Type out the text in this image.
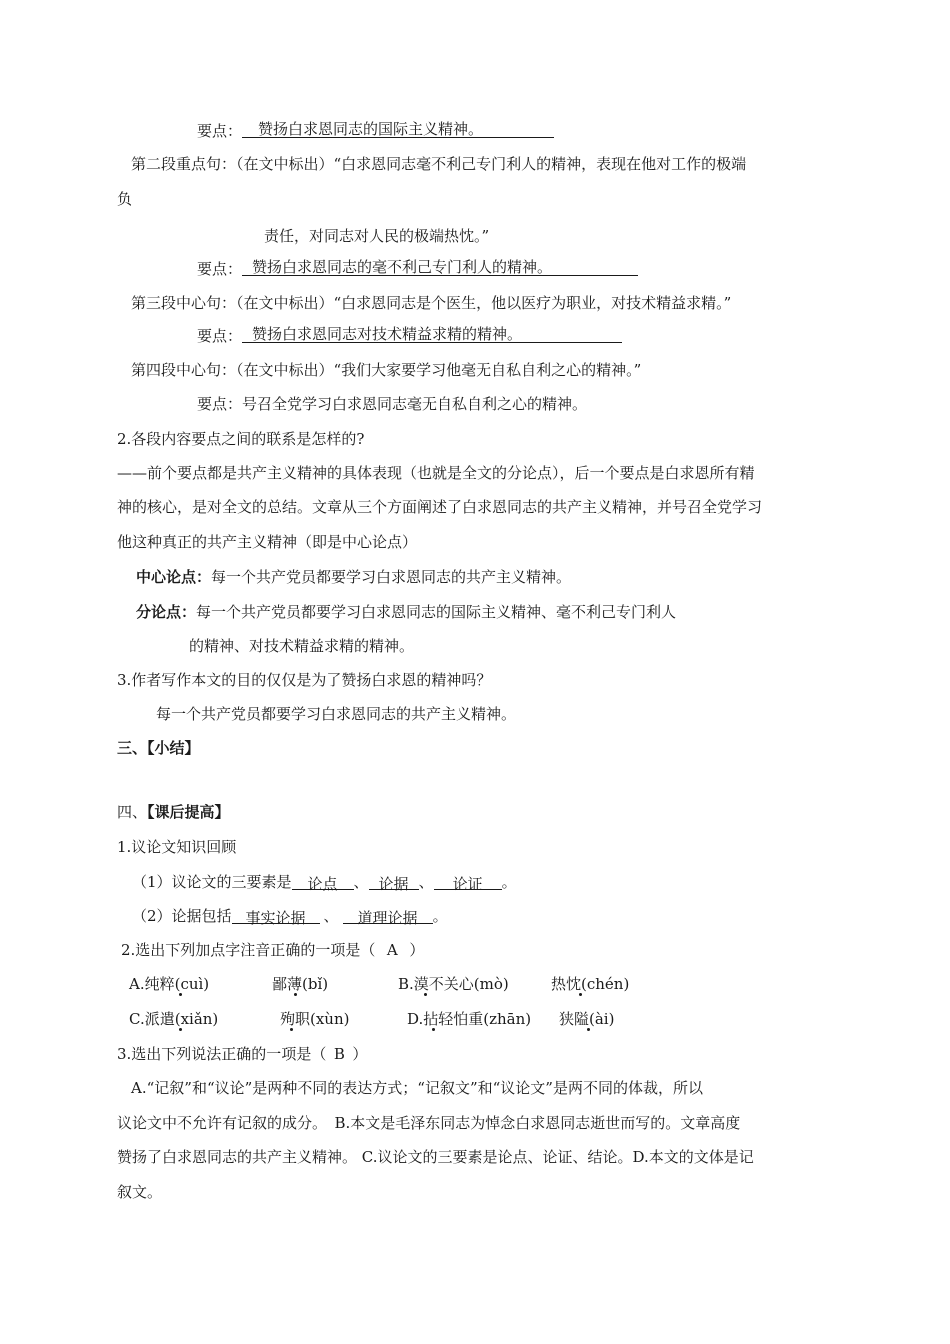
要点： 赞扬白求恩同志的国际主义精神。
第二段重点句：（在文中标出）“白求恩同志毫不利己专门利人的精神，表现在他对工作的极端
负
责任，对同志对人民的极端热忱。”
要点： 赞扬白求恩同志的毫不利己专门利人的精神。
第三段中心句：（在文中标出）“白求恩同志是个医生，他以医疗为职业，对技术精益求精。”
要点： 赞扬白求恩同志对技术精益求精的精神。
第四段中心句：（在文中标出）“我们大家要学习他毫无自私自利之心的精神。”
要点：号召全党学习白求恩同志毫无自私自利之心的精神。
2.各段内容要点之间的联系是怎样的?
——前个要点都是共产主义精神的具体表现（也就是全文的分论点），后一个要点是白求恩所有精
神的核心，是对全文的总结。文章从三个方面阐述了白求恩同志的共产主义精神，并号召全党学习
他这种真正的共产主义精神（即是中心论点）
中心论点：每一个共产党员都要学习白求恩同志的共产主义精神。
分论点：每一个共产党员都要学习白求恩同志的国际主义精神、毫不利己专门利人
的精神、对技术精益求精的精神。
3.作者写作本文的目的仅仅是为了赞扬白求恩的精神吗？
每一个共产党员都要学习白求恩同志的共产主义精神。
三、【小结】
四、【课后提高】
1.议论文知识回顾
（1）议论文的三要素是 论点 、 论据 、 论证 。
（2）论据包括 事实论据 、 道理论据 。
2.选出下列加点字注音正确的一项是（ A ）
A.纯粹(cuì)	鄙薄(bǐ)	B.漠不关心(mò)	热忱(chén)
C.派遣(xiǎn)	殉职(xùn)	D.拈轻怕重(zhān) 狭隘(ài)
3.选出下列说法正确的一项是（ B ）
A.“记叙”和“议论”是两种不同的表达方式；“记叙文”和“议论文”是两不同的体裁，所以
议论文中不允许有记叙的成分。　B.本文是毛泽东同志为悼念白求恩同志逝世而写的。文章高度
赞扬了白求恩同志的共产主义精神。 C.议论文的三要素是论点、论证、结论。D.本文的文体是记
叙文。
